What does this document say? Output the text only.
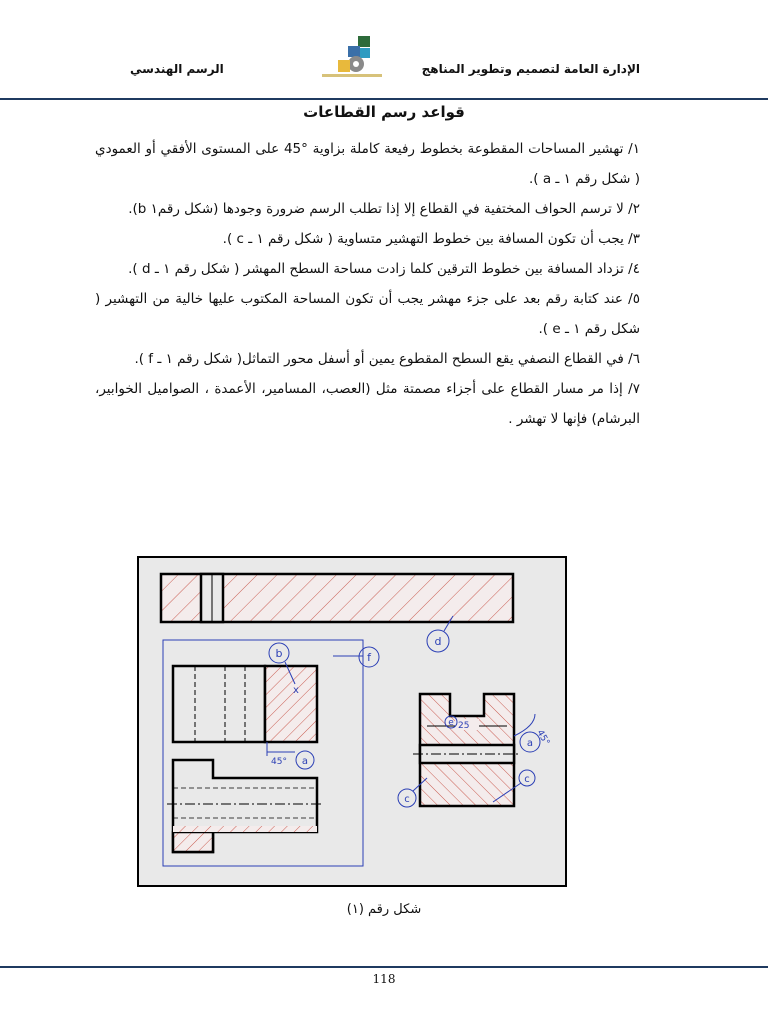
الرسم الهندسي	الإدارة العامة لتصميم وتطوير المناهج
قواعد رسم القطاعات

١/ تهشير المساحات المقطوعة بخطوط رفيعة كاملة بزاوية °45 على المستوى الأفقي أو العمودي ( شكل رقم ١ ـ a ).

٢/ لا ترسم الحواف المختفية في القطاع إلا إذا تطلب الرسم ضرورة وجودها (شكل رقم١ b).

٣/ يجب أن تكون المسافة بين خطوط التهشير متساوية ( شكل رقم ١ ـ c ).

٤/ تزداد المسافة بين خطوط الترقين كلما زادت مساحة السطح المهشر ( شكل رقم ١ ـ d ).

٥/ عند كتابة رقم بعد على جزء مهشر يجب أن تكون المساحة المكتوب عليها خالية من التهشير ( شكل رقم ١ ـ e ).

٦/ في القطاع النصفي يقع السطح المقطوع يمين أو أسفل محور التماثل( شكل رقم ١ ـ f ).

٧/ إذا مر مسار القطاع على أجزاء مصمتة مثل (العصب، المسامير، الأعمدة ، الصواميل الخوابير، البرشام) فإنها لا تهشر .

d
f
b
x
45° a
25
e
a 45°
c
c
شكل رقم (١)
118
